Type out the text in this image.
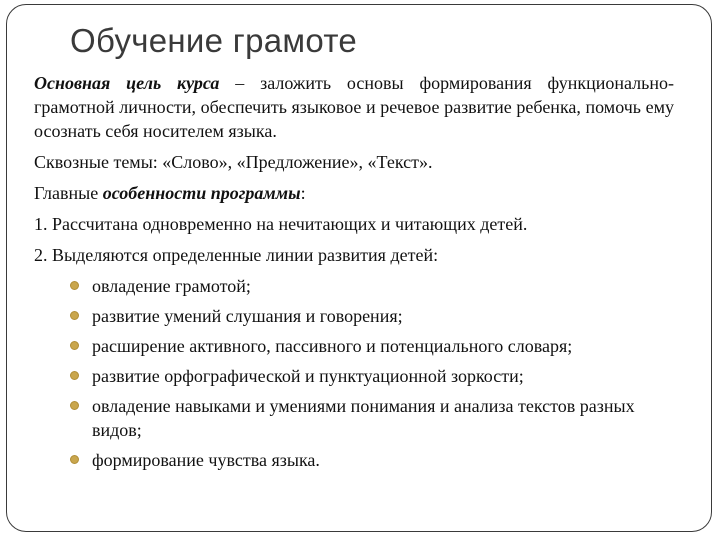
Обучение грамоте

Основная цель курса – заложить основы формирования функционально-грамотной личности, обеспечить языковое и речевое развитие ребенка, помочь ему осознать себя носителем языка.

Сквозные темы: «Слово», «Предложение», «Текст».

Главные особенности программы:

1. Рассчитана одновременно на нечитающих и читающих детей.

2. Выделяются определенные линии развития детей:

овладение грамотой;
развитие умений слушания и говорения;
расширение активного, пассивного и потенциального словаря;
развитие орфографической и пунктуационной зоркости;
овладение навыками и умениями понимания и анализа текстов разных видов;
формирование чувства языка.
